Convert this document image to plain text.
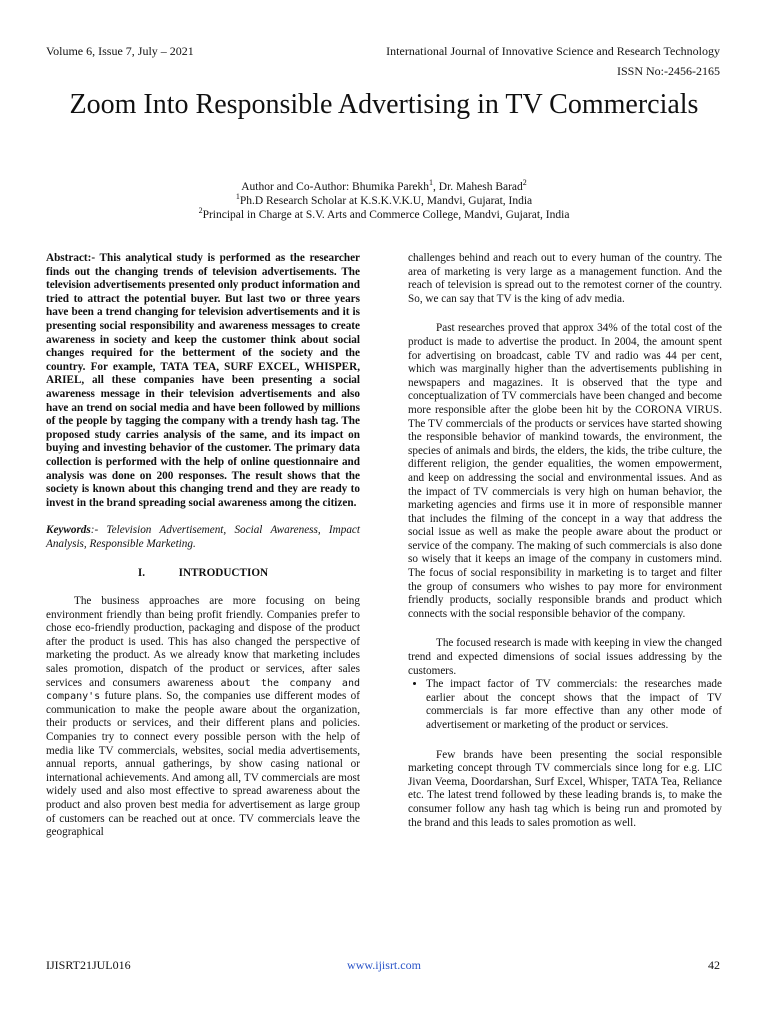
Volume 6, Issue 7, July – 2021	International Journal of Innovative Science and Research Technology
ISSN No:-2456-2165
Zoom Into Responsible Advertising in TV Commercials
Author and Co-Author: Bhumika Parekh$^1$, Dr. Mahesh Barad$^2$
$^1$Ph.D Research Scholar at K.S.K.V.K.U, Mandvi, Gujarat, India
$^2$Principal in Charge at S.V. Arts and Commerce College, Mandvi, Gujarat, India

Abstract:- This analytical study is performed as the researcher finds out the changing trends of television advertisements. The television advertisements presented only product information and tried to attract the potential buyer. But last two or three years have been a trend changing for television advertisements and it is presenting social responsibility and awareness messages to create awareness in society and keep the customer think about social changes required for the betterment of the society and the country. For example, TATA TEA, SURF EXCEL, WHISPER, ARIEL, all these companies have been presenting a social awareness message in their television advertisements and also have an trend on social media and have been followed by millions of the people by tagging the company with a trendy hash tag. The proposed study carries analysis of the same, and its impact on buying and investing behavior of the customer. The primary data collection is performed with the help of online questionnaire and analysis was done on 200 responses. The result shows that the society is known about this changing trend and they are ready to invest in the brand spreading social awareness among the citizen.

Keywords:- Television Advertisement, Social Awareness, Impact Analysis, Responsible Marketing.

I.	INTRODUCTION

The business approaches are more focusing on being environment friendly than being profit friendly. Companies prefer to chose eco-friendly production, packaging and dispose of the product after the product is used. This has also changed the perspective of marketing the product. As we already know that marketing includes sales promotion, dispatch of the product or services, after sales services and consumers awareness about the company and company's future plans. So, the companies use different modes of communication to make the people aware about the organization, their products or services, and their different plans and policies. Companies try to connect every possible person with the help of media like TV commercials, websites, social media advertisements, annual reports, annual gatherings, by show casing national or international achievements. And among all, TV commercials are most widely used and also most effective to spread awareness about the product and also proven best media for advertisement as large group of customers can be reached out at once. TV commercials leave the geographical

challenges behind and reach out to every human of the country. The area of marketing is very large as a management function. And the reach of television is spread out to the remotest corner of the country. So, we can say that TV is the king of adv media.

Past researches proved that approx 34% of the total cost of the product is made to advertise the product. In 2004, the amount spent for advertising on broadcast, cable TV and radio was 44 per cent, which was marginally higher than the advertisements publishing in newspapers and magazines. It is observed that the type and conceptualization of TV commercials have been changed and become more responsible after the globe been hit by the CORONA VIRUS. The TV commercials of the products or services have started showing the responsible behavior of mankind towards, the environment, the species of animals and birds, the elders, the kids, the tribe culture, the different religion, the gender equalities, the women empowerment, and keep on addressing the social and environmental issues. And as the impact of TV commercials is very high on human behavior, the marketing agencies and firms use it in more of responsible manner that includes the filming of the concept in a way that address the social issue as well as make the people aware about the product or service of the company. The making of such commercials is also done so wisely that it keeps an image of the company in customers mind. The focus of social responsibility in marketing is to target and filter the group of consumers who wishes to pay more for environment friendly products, socially responsible brands and product which connects with the social responsible behavior of the company.

The focused research is made with keeping in view the changed trend and expected dimensions of social issues addressing by the customers.

• The impact factor of TV commercials: the researches made earlier about the concept shows that the impact of TV commercials is far more effective than any other mode of advertisement or marketing of the product or services.

Few brands have been presenting the social responsible marketing concept through TV commercials since long for e.g. LIC Jivan Veema, Doordarshan, Surf Excel, Whisper, TATA Tea, Reliance etc. The latest trend followed by these leading brands is, to make the consumer follow any hash tag which is being run and promoted by the brand and this leads to sales promotion as well.

IJISRT21JUL016	www.ijisrt.com	42
